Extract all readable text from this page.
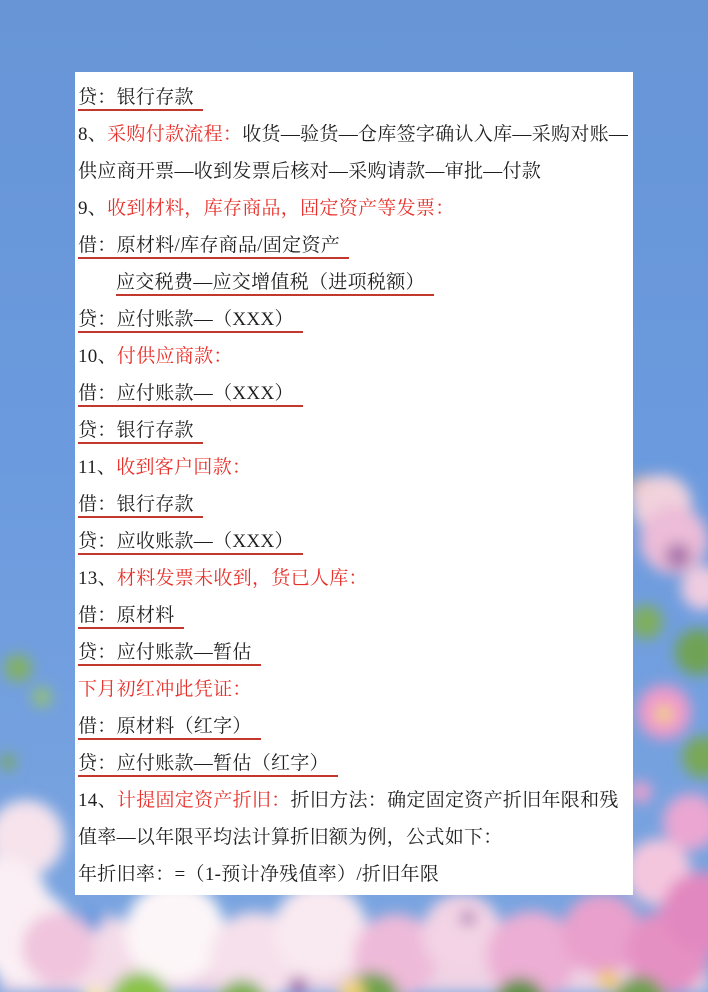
贷：银行存款

8、采购付款流程：收货—验货—仓库签字确认入库—采购对账—供应商开票—收到发票后核对—采购请款—审批—付款

9、收到材料，库存商品，固定资产等发票：

借：原材料/库存商品/固定资产

应交税费—应交增值税（进项税额）

贷：应付账款—（XXX）

10、付供应商款：

借：应付账款—（XXX）

贷：银行存款

11、收到客户回款：

借：银行存款

贷：应收账款—（XXX）

13、材料发票未收到，货已人库：

借：原材料

贷：应付账款—暂估

下月初红冲此凭证：

借：原材料（红字）

贷：应付账款—暂估（红字）

14、计提固定资产折旧：折旧方法：确定固定资产折旧年限和残值率—以年限平均法计算折旧额为例，公式如下：

年折旧率：=（1-预计净残值率）/折旧年限
